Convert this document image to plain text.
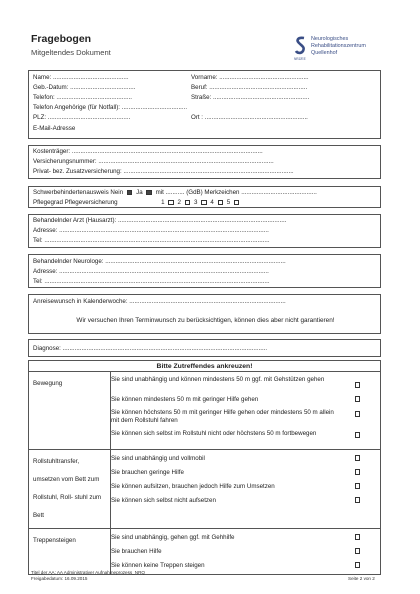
Fragebogen
Mitgeltendes Dokument
Neurologisches
Rehabilitationszentrum
Quellenhof
NRZ/EE
Name: ............................................	Vorname: ....................................................
Geb.-Datum: ......................................	Beruf: .........................................................
Telefon: ............................................	Straße: ........................................................
Telefon Angehörige (für Notfall): ......................................
PLZ: ................................................	Ort : ............................................................
E-Mail-Adresse
Kostenträger: ...............................................................................................................
Versicherungsnummer: ......................................................................................................
Privat- bez. Zusatzversicherung: ...................................................................................................
Schwerbehindertenausweis Nein Ja mit ........... (GdB) Merkzeichen ............................................
Pflegegrad Pflegeversicherung	1 2 3 4 5
Behandelnder Arzt (Hausarzt): ..................................................................................................
Adresse: ..........................................................................................................................
Tel: ...................................................................................................................................
Behandelnder Neurologe: .........................................................................................................
Adresse: ..........................................................................................................................
Tel: ...................................................................................................................................
Anreisewunsch in Kalenderwoche: ...........................................................................................
Wir versuchen Ihren Terminwunsch zu berücksichtigen, können dies aber nicht garantieren!
Diagnose: .......................................................................................................................
Bitte Zutreffendes ankreuzen!	
Bewegung	Sie sind unabhängig und können mindestens 50 m ggf. mit Gehstützen gehen
Sie können mindestens 50 m mit geringer Hilfe gehen
Sie können höchstens 50 m mit geringer Hilfe gehen oder mindestens 50 m allein mit dem Rollstuhl fahren
Sie können sich selbst im Rollstuhl nicht oder höchstens 50 m fortbewegen

Rollstuhltransfer, umsetzen vom Bett zum Rollstuhl, Roll- stuhl zum Bett	Sie sind unabhängig und vollmobil
Sie brauchen geringe Hilfe
Sie können aufsitzen, brauchen jedoch Hilfe zum Umsetzen
Sie können sich selbst nicht aufsetzen

Treppensteigen	Sie sind unabhängig, gehen ggf. mit Gehhilfe
Sie brauchen Hilfe
Sie können keine Treppen steigen
Titel der AA: AA Administrativer Aufnahmeprozess_NRQ
Freigabedatum: 16.09.2015	Seite 2 von 2
